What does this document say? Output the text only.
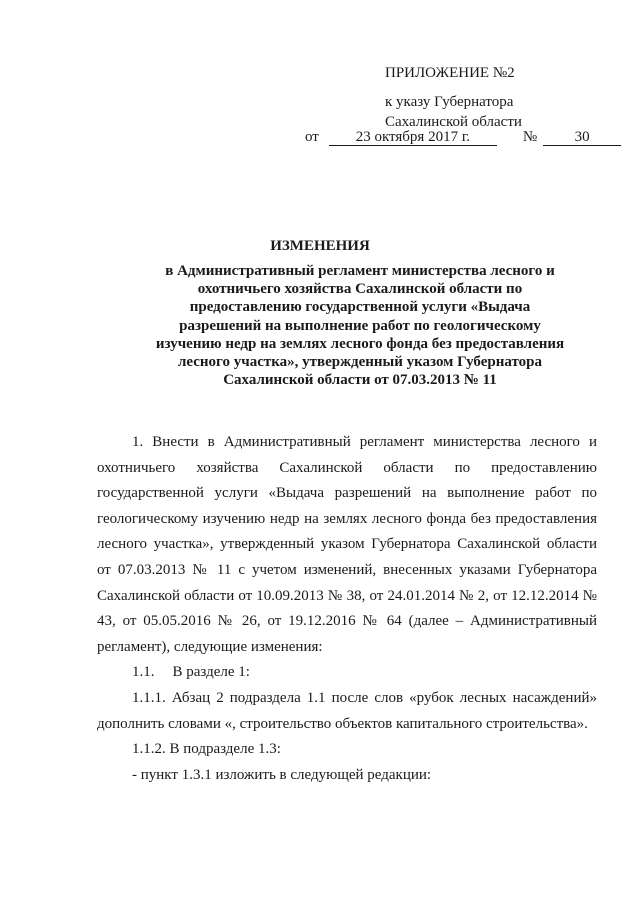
ПРИЛОЖЕНИЕ №2
к указу Губернатора
Сахалинской области
от 23 октября 2017 г.	№	30
ИЗМЕНЕНИЯ
в Административный регламент министерства лесного и охотничьего хозяйства Сахалинской области по предоставлению государственной услуги «Выдача разрешений на выполнение работ по геологическому изучению недр на землях лесного фонда без предоставления лесного участка», утвержденный указом Губернатора Сахалинской области от 07.03.2013 № 11

1. Внести в Административный регламент министерства лесного и охотничьего хозяйства Сахалинской области по предоставлению государственной услуги «Выдача разрешений на выполнение работ по геологическому изучению недр на землях лесного фонда без предоставления лесного участка», утвержденный указом Губернатора Сахалинской области от 07.03.2013 № 11 с учетом изменений, внесенных указами Губернатора Сахалинской области от 10.09.2013 № 38, от 24.01.2014 № 2, от 12.12.2014 № 43, от 05.05.2016 № 26, от 19.12.2016 № 64 (далее – Административный регламент), следующие изменения:

1.1. В разделе 1:

1.1.1. Абзац 2 подраздела 1.1 после слов «рубок лесных насаждений» дополнить словами «, строительство объектов капитального строительства».

1.1.2. В подразделе 1.3:

- пункт 1.3.1 изложить в следующей редакции:
